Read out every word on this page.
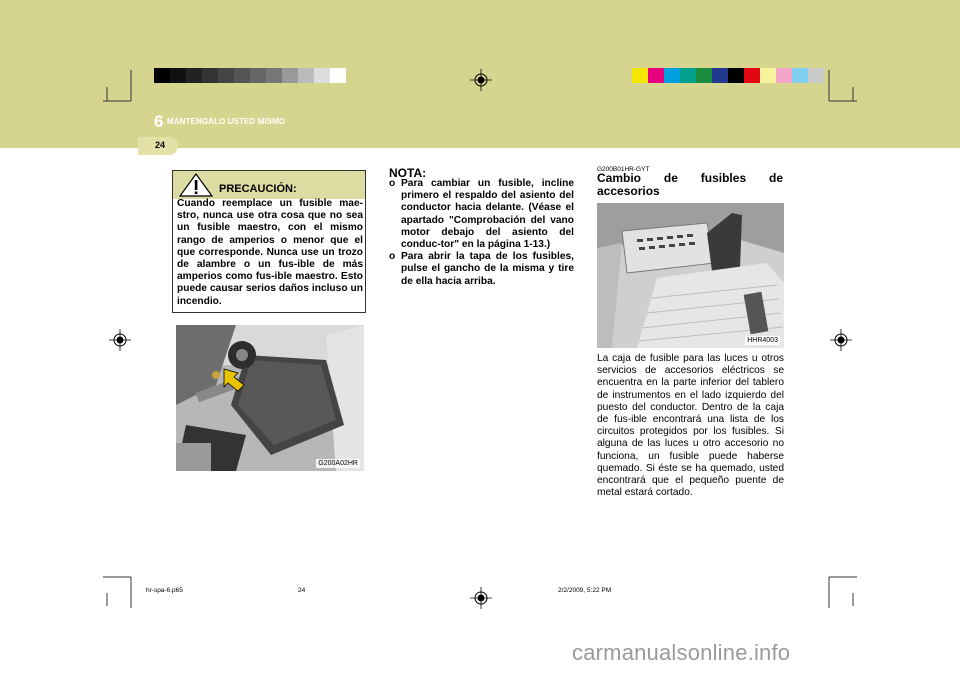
6 MANTENGALO USTED MISMO
24
PRECAUCIÓN:
Cuando reemplace un fusible mae-stro, nunca use otra cosa que no sea un fusible maestro, con el mismo rango de amperios o menor que el que corresponde. Nunca use un trozo de alambre o un fus-ible de más amperios como fus-ible maestro. Esto puede causar serios daños incluso un incendio.
G200A02HR
NOTA:
o Para cambiar un fusible, incline primero el respaldo del asiento del conductor hacia delante. (Véase el apartado "Comprobación del vano motor debajo del asiento del conduc-tor" en la página 1-13.)
o Para abrir la tapa de los fusibles, pulse el gancho de la misma y tire de ella hacia arriba.
G200B01HR-GYT
Cambio de fusibles de accesorios
HHR4003

La caja de fusible para las luces u otros servicios de accesorios eléctricos se encuentra en la parte inferior del tablero de instrumentos en el lado izquierdo del puesto del conductor. Dentro de la caja de fus-ible encontrará una lista de los circuitos protegidos por los fusibles. Si alguna de las luces u otro accesorio no funciona, un fusible puede haberse quemado. Si éste se ha quemado, usted encontrará que el pequeño puente de metal estará cortado.

hr-spa-6.p65	24	2/2/2009, 5:22 PM
carmanualsonline.info
